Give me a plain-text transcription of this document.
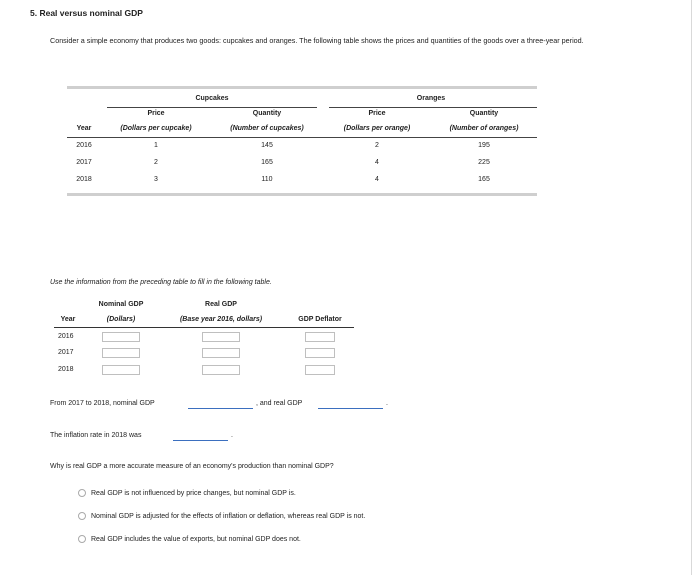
5. Real versus nominal GDP
Consider a simple economy that produces two goods: cupcakes and oranges. The following table shows the prices and quantities of the goods over a three-year period.
Cupcakes	Oranges
Price	Quantity	Price	Quantity
Year	(Dollars per cupcake)	(Number of cupcakes)	(Dollars per orange)	(Number of oranges)
2016	1	145	2	195
2017	2	165	4	225
2018	3	110	4	165
Use the information from the preceding table to fill in the following table.
Nominal GDP	Real GDP
Year	(Dollars)	(Base year 2016, dollars)	GDP Deflator
2016
2017
2018
From 2017 to 2018, nominal GDP	, and real GDP	.
The inflation rate in 2018 was	.
Why is real GDP a more accurate measure of an economy's production than nominal GDP?
Real GDP is not influenced by price changes, but nominal GDP is.
Nominal GDP is adjusted for the effects of inflation or deflation, whereas real GDP is not.
Real GDP includes the value of exports, but nominal GDP does not.
